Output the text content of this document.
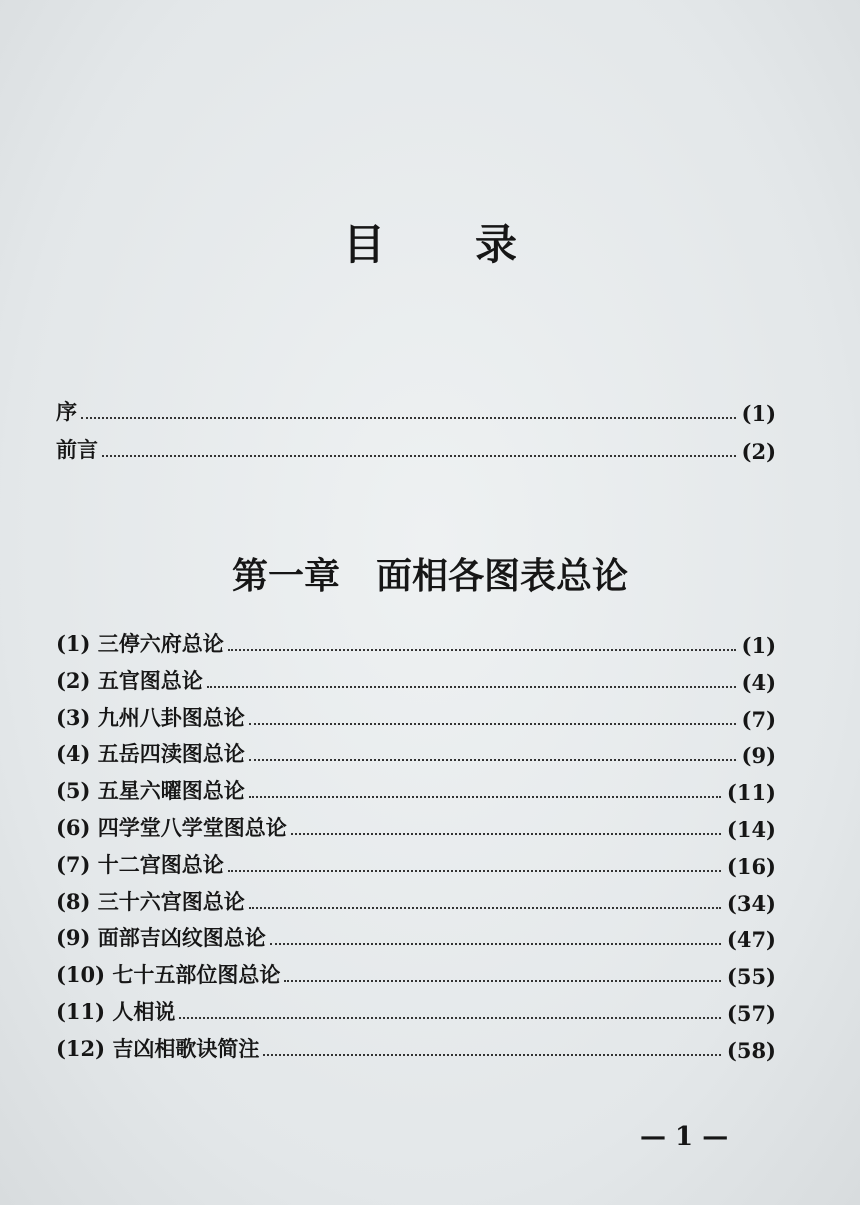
目录
序	(1)
前言	(2)
第一章 面相各图表总论
(1) 三停六府总论	(1)
(2) 五官图总论	(4)
(3) 九州八卦图总论	(7)
(4) 五岳四渎图总论	(9)
(5) 五星六曜图总论	(11)
(6) 四学堂八学堂图总论	(14)
(7) 十二宫图总论	(16)
(8) 三十六宫图总论	(34)
(9) 面部吉凶纹图总论	(47)
(10) 七十五部位图总论	(55)
(11) 人相说	(57)
(12) 吉凶相歌诀简注	(58)
— 1 —
